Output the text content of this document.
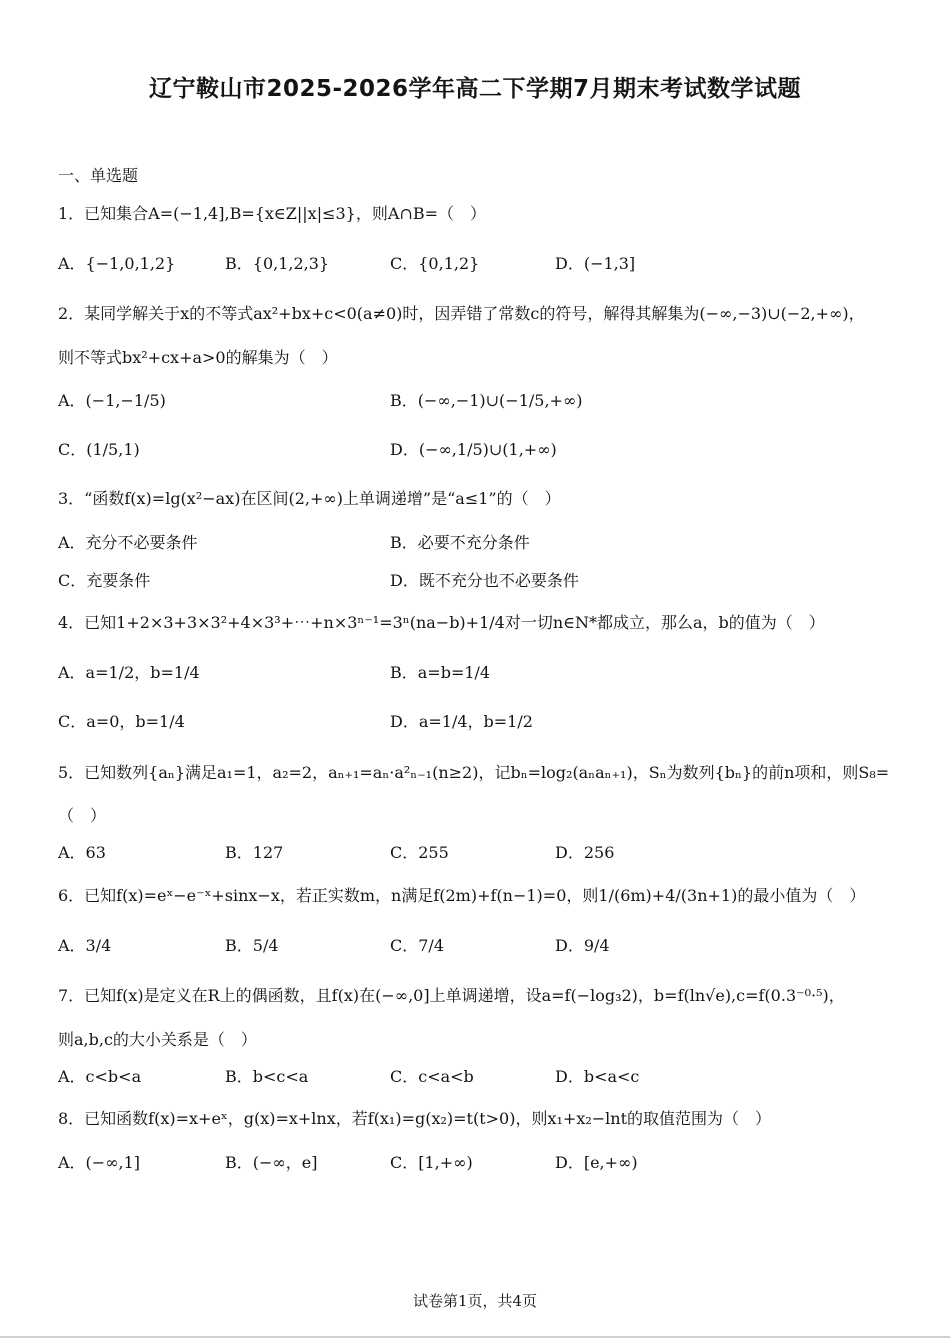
辽宁鞍山市2025-2026学年高二下学期7月期末考试数学试题
一、单选题
1．已知集合A=(−1,4],B={x∈Z||x|≤3}，则A∩B=（　）
A．{−1,0,1,2}	B．{0,1,2,3}	C．{0,1,2}	D．(−1,3]
2．某同学解关于x的不等式ax²+bx+c<0(a≠0)时，因弄错了常数c的符号，解得其解集为(−∞,−3)∪(−2,+∞)，
则不等式bx²+cx+a>0的解集为（　）
A．(−1,−1/5)	B．(−∞,−1)∪(−1/5,+∞)
C．(1/5,1)	D．(−∞,1/5)∪(1,+∞)
3．“函数f(x)=lg(x²−ax)在区间(2,+∞)上单调递增”是“a≤1”的（　）
A．充分不必要条件	B．必要不充分条件
C．充要条件	D．既不充分也不必要条件
4．已知1+2×3+3×3²+4×3³+⋯+n×3ⁿ⁻¹=3ⁿ(na−b)+1/4对一切n∈N*都成立，那么a，b的值为（　）
A．a=1/2，b=1/4	B．a=b=1/4
C．a=0，b=1/4	D．a=1/4，b=1/2
5．已知数列{aₙ}满足a₁=1，a₂=2，aₙ₊₁=aₙ·a²ₙ₋₁(n≥2)，记bₙ=log₂(aₙaₙ₊₁)，Sₙ为数列{bₙ}的前n项和，则S₈=
（　）
A．63	B．127	C．255	D．256
6．已知f(x)=eˣ−e⁻ˣ+sinx−x，若正实数m，n满足f(2m)+f(n−1)=0，则1/(6m)+4/(3n+1)的最小值为（　）
A．3/4	B．5/4	C．7/4	D．9/4
7．已知f(x)是定义在R上的偶函数，且f(x)在(−∞,0]上单调递增，设a=f(−log₃2)，b=f(ln√e),c=f(0.3⁻⁰·⁵)，
则a,b,c的大小关系是（　）
A．c<b<a	B．b<c<a	C．c<a<b	D．b<a<c
8．已知函数f(x)=x+eˣ，g(x)=x+lnx，若f(x₁)=g(x₂)=t(t>0)，则x₁+x₂−lnt的取值范围为（　）
A．(−∞,1]	B．(−∞，e]	C．[1,+∞)	D．[e,+∞)
试卷第1页，共4页
